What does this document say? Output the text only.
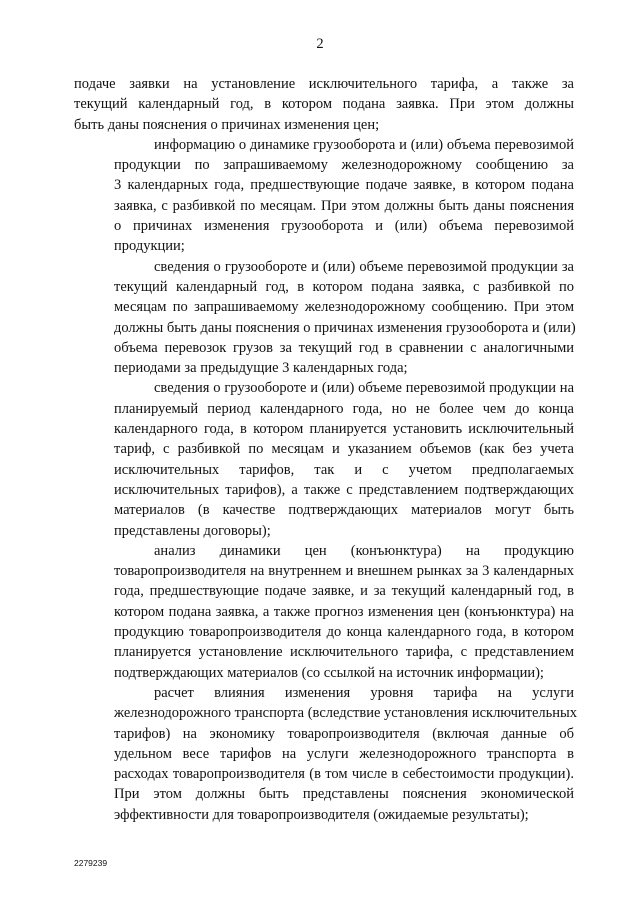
2
подаче заявки на установление исключительного тарифа, а также за
текущий календарный год, в котором подана заявка. При этом должны
быть даны пояснения о причинах изменения цен;
информацию о динамике грузооборота и (или) объема перевозимой
продукции по запрашиваемому железнодорожному сообщению за
3 календарных года, предшествующие подаче заявке, в котором подана
заявка, с разбивкой по месяцам. При этом должны быть даны пояснения
о причинах изменения грузооборота и (или) объема перевозимой
продукции;
сведения о грузообороте и (или) объеме перевозимой продукции за
текущий календарный год, в котором подана заявка, с разбивкой по
месяцам по запрашиваемому железнодорожному сообщению. При этом
должны быть даны пояснения о причинах изменения грузооборота и (или)
объема перевозок грузов за текущий год в сравнении с аналогичными
периодами за предыдущие 3 календарных года;
сведения о грузообороте и (или) объеме перевозимой продукции на
планируемый период календарного года, но не более чем до конца
календарного года, в котором планируется установить исключительный
тариф, с разбивкой по месяцам и указанием объемов (как без учета
исключительных тарифов, так и с учетом предполагаемых
исключительных тарифов), а также с представлением подтверждающих
материалов (в качестве подтверждающих материалов могут быть
представлены договоры);
анализ динамики цен (конъюнктура) на продукцию
товаропроизводителя на внутреннем и внешнем рынках за 3 календарных
года, предшествующие подаче заявке, и за текущий календарный год, в
котором подана заявка, а также прогноз изменения цен (конъюнктура) на
продукцию товаропроизводителя до конца календарного года, в котором
планируется установление исключительного тарифа, с представлением
подтверждающих материалов (со ссылкой на источник информации);
расчет влияния изменения уровня тарифа на услуги
железнодорожного транспорта (вследствие установления исключительных
тарифов) на экономику товаропроизводителя (включая данные об
удельном весе тарифов на услуги железнодорожного транспорта в
расходах товаропроизводителя (в том числе в себестоимости продукции).
При этом должны быть представлены пояснения экономической
эффективности для товаропроизводителя (ожидаемые результаты);
2279239
